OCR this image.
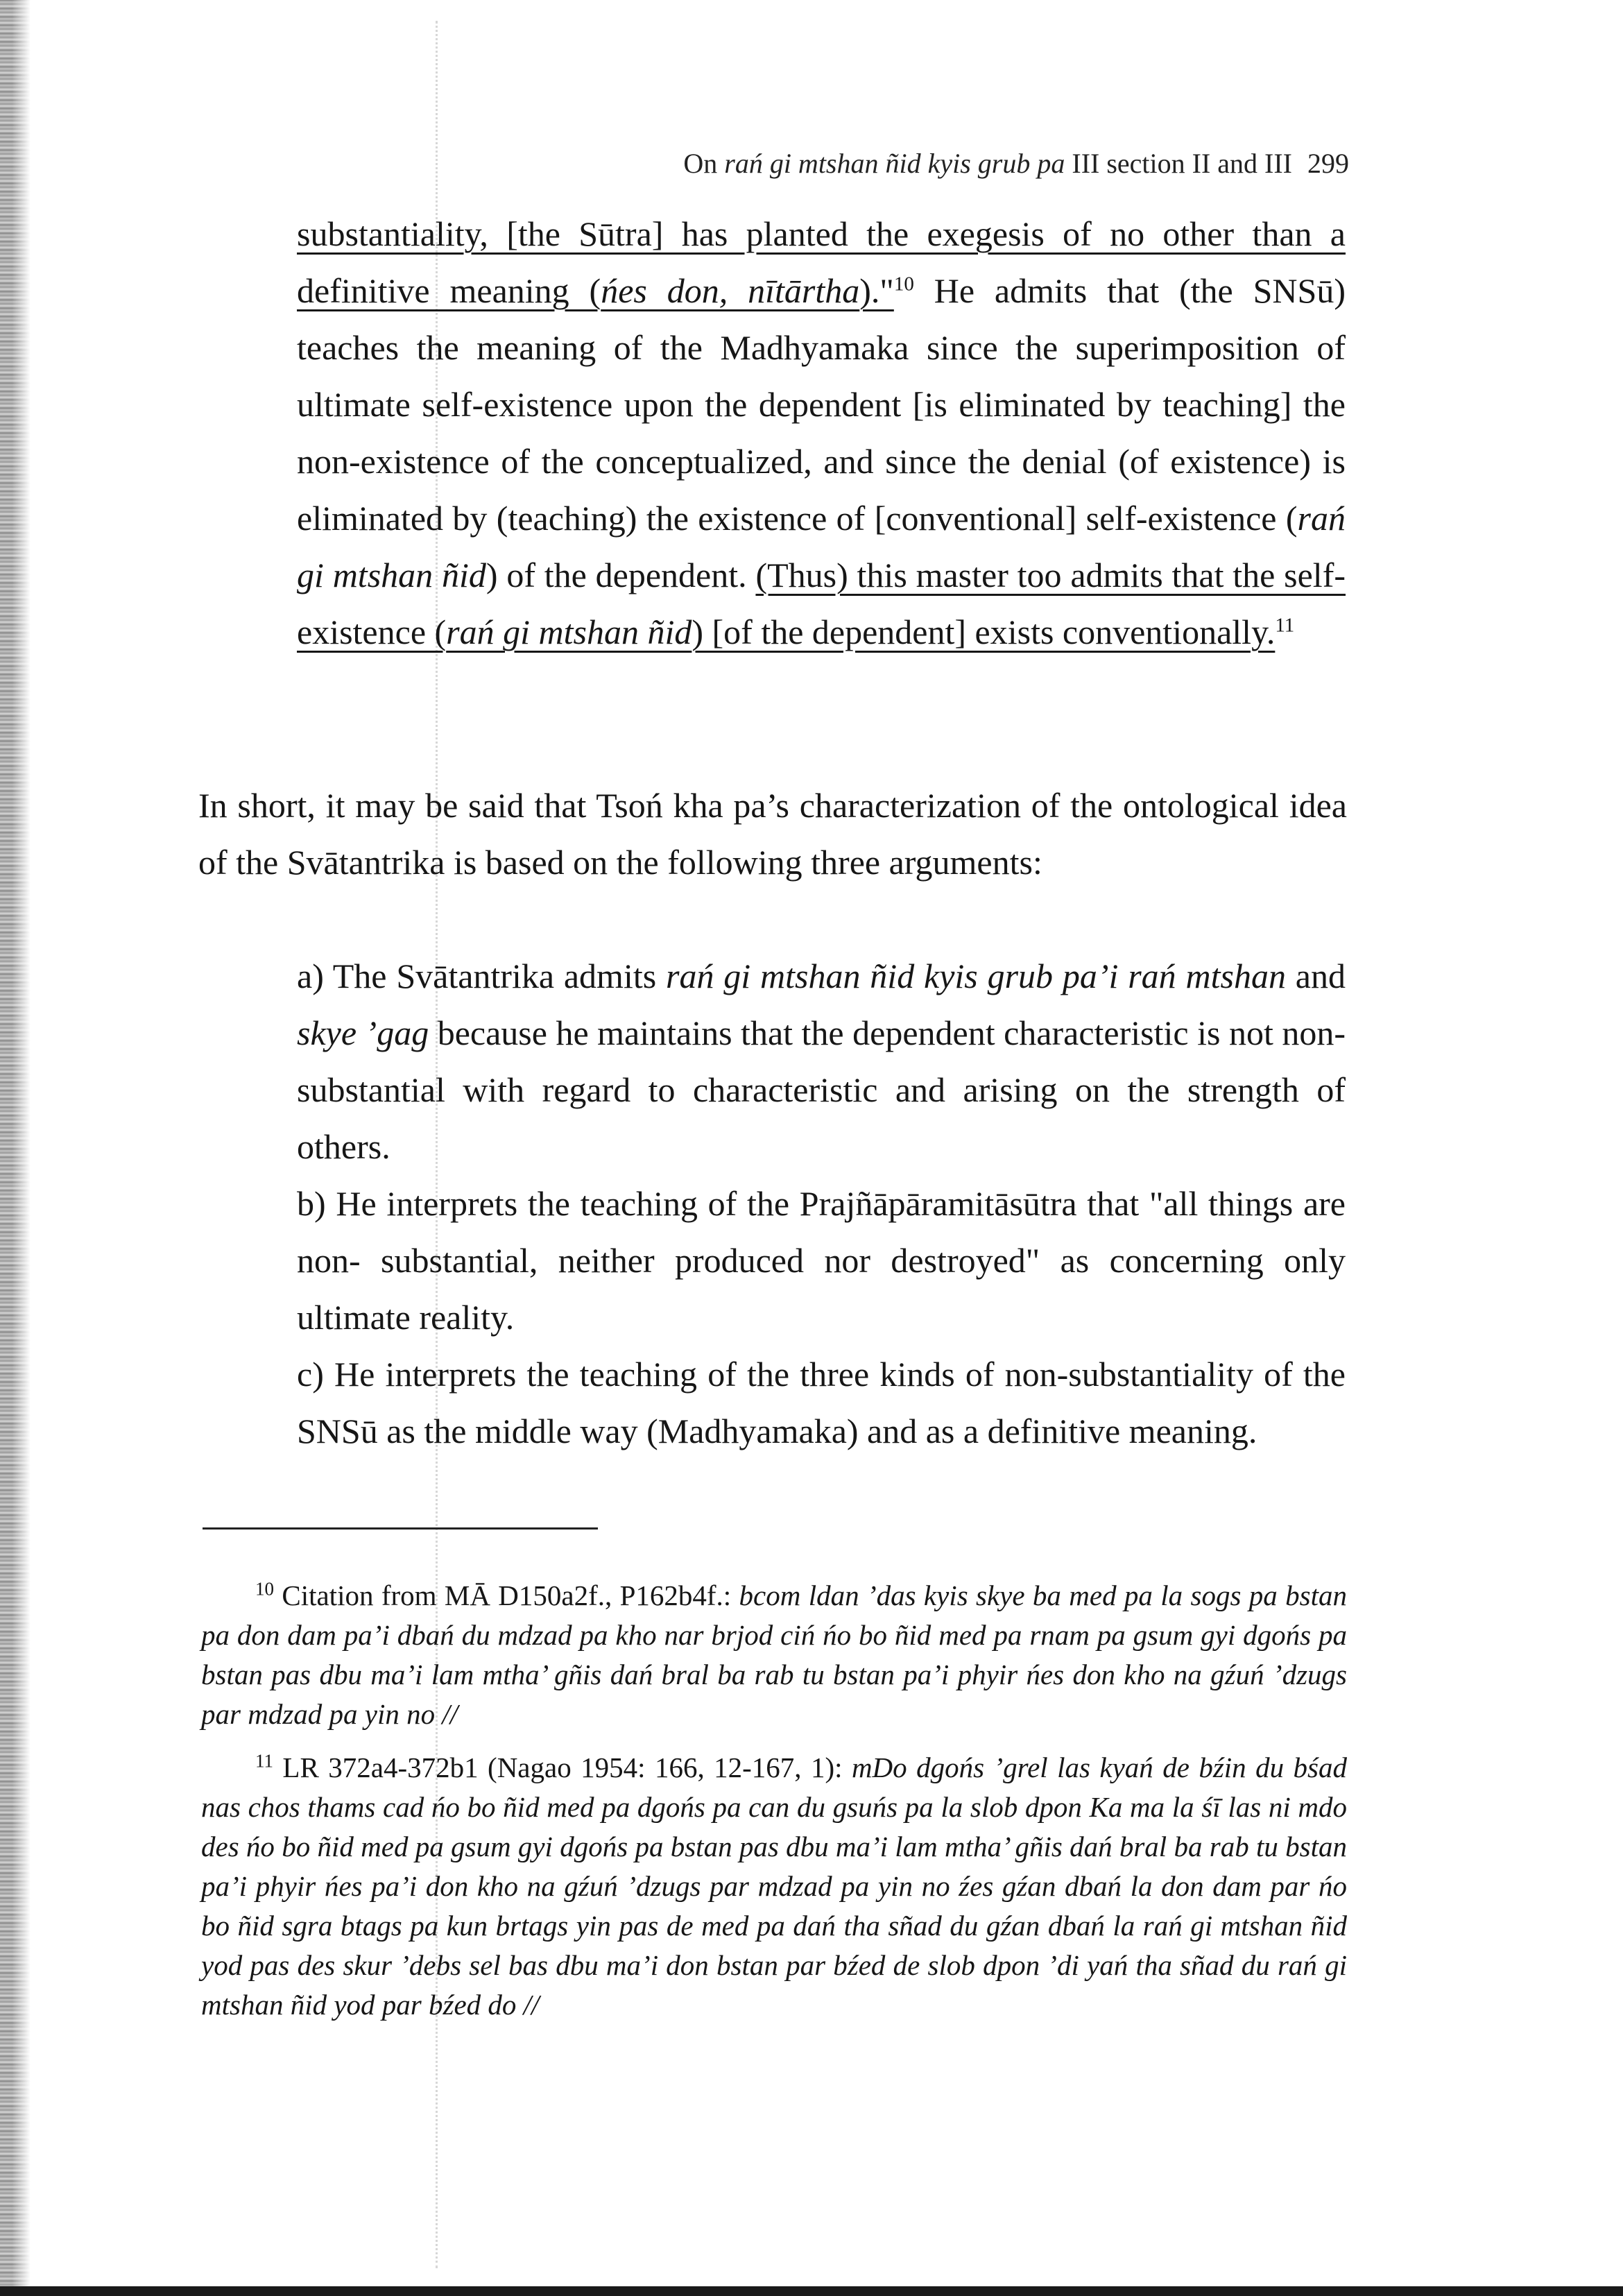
On rań gi mtshan ñid kyis grub pa III section II and III 299
substantiality, [the Sūtra] has planted the exegesis of no other than a definitive meaning (ńes don, nītārtha)."$^{10}$ He admits that (the SNSū) teaches the meaning of the Madhyamaka since the superimposition of ultimate self-existence upon the dependent [is eliminated by teaching] the non-existence of the conceptualized, and since the denial (of existence) is eliminated by (teaching) the existence of [conventional] self-existence (rań gi mtshan ñid) of the dependent. (Thus) this master too admits that the self-existence (rań gi mtshan ñid) [of the dependent] exists conventionally.$^{11}$

In short, it may be said that Tsoń kha pa’s characterization of the ontological idea of the Svātantrika is based on the following three arguments:

a) The Svātantrika admits rań gi mtshan ñid kyis grub pa’i rań mtshan and skye ’gag because he maintains that the dependent characteristic is not non-substantial with regard to characteristic and arising on the strength of others.

b) He interprets the teaching of the Prajñāpāramitāsūtra that "all things are non- substantial, neither produced nor destroyed" as concerning only ultimate reality.

c) He interprets the teaching of the three kinds of non-substantiality of the SNSū as the middle way (Madhyamaka) and as a definitive meaning.

$^{10}$ Citation from MĀ D150a2f., P162b4f.: bcom ldan ’das kyis skye ba med pa la sogs pa bstan pa don dam pa’i dbań du mdzad pa kho nar brjod ciń ńo bo ñid med pa rnam pa gsum gyi dgońs pa bstan pas dbu ma’i lam mtha’ gñis dań bral ba rab tu bstan pa’i phyir ńes don kho na gźuń ’dzugs par mdzad pa yin no //
$^{11}$ LR 372a4-372b1 (Nagao 1954: 166, 12-167, 1): mDo dgońs ’grel las kyań de bźin du bśad nas chos thams cad ńo bo ñid med pa dgońs pa can du gsuńs pa la slob dpon Ka ma la śī las ni mdo des ńo bo ñid med pa gsum gyi dgońs pa bstan pas dbu ma’i lam mtha’ gñis dań bral ba rab tu bstan pa’i phyir ńes pa’i don kho na gźuń ’dzugs par mdzad pa yin no źes gźan dbań la don dam par ńo bo ñid sgra btags pa kun brtags yin pas de med pa dań tha sñad du gźan dbań la rań gi mtshan ñid yod pas des skur ’debs sel bas dbu ma’i don bstan par bźed de slob dpon ’di yań tha sñad du rań gi mtshan ñid yod par bźed do //
